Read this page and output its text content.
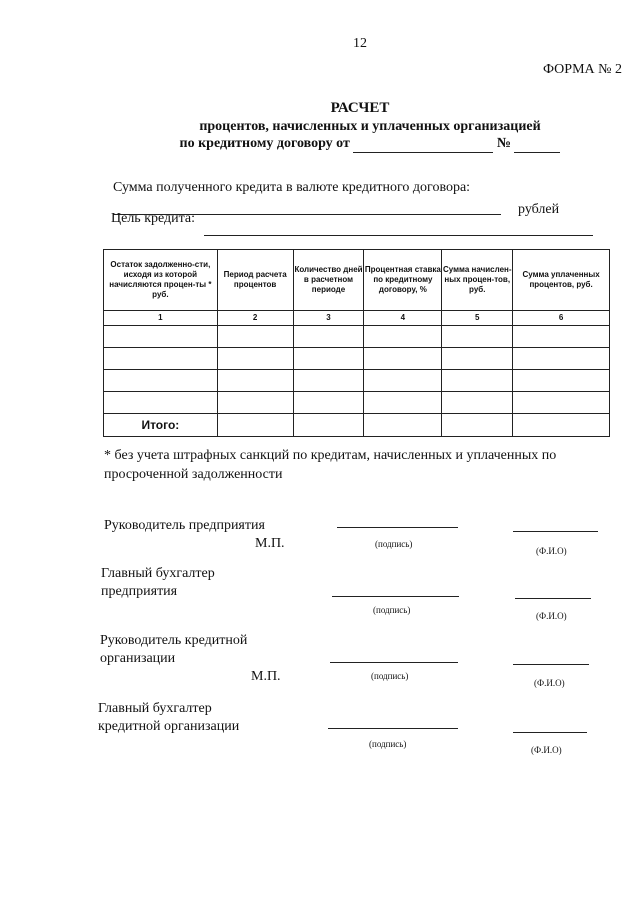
12
ФОРМА № 2
РАСЧЕТ
процентов, начисленных и уплаченных организацией
по кредитному договору от	№
Сумма полученного кредита в валюте кредитного договора:
рублей
Цель кредита:
Остаток задолженно-сти, исходя из которой начисляются процен-ты * руб.	Период расчета процентов	Количество дней в расчетном периоде	Процентная ставка по кредитному договору, %	Сумма начислен-ных процен-тов, руб.	Сумма уплаченных процентов, руб.
1	2	3	4	5	6

Итого:					
* без учета штрафных санкций по кредитам, начисленных и уплаченных по просроченной задолженности
Руководитель предприятия
М.П.	(подпись)
(Ф.И.О)
Главный бухгалтер
предприятия
(подпись)
(Ф.И.О)
Руководитель кредитной
организации
М.П.	(подпись)
(Ф.И.О)
Главный бухгалтер
кредитной организации
(подпись)
(Ф.И.О)
